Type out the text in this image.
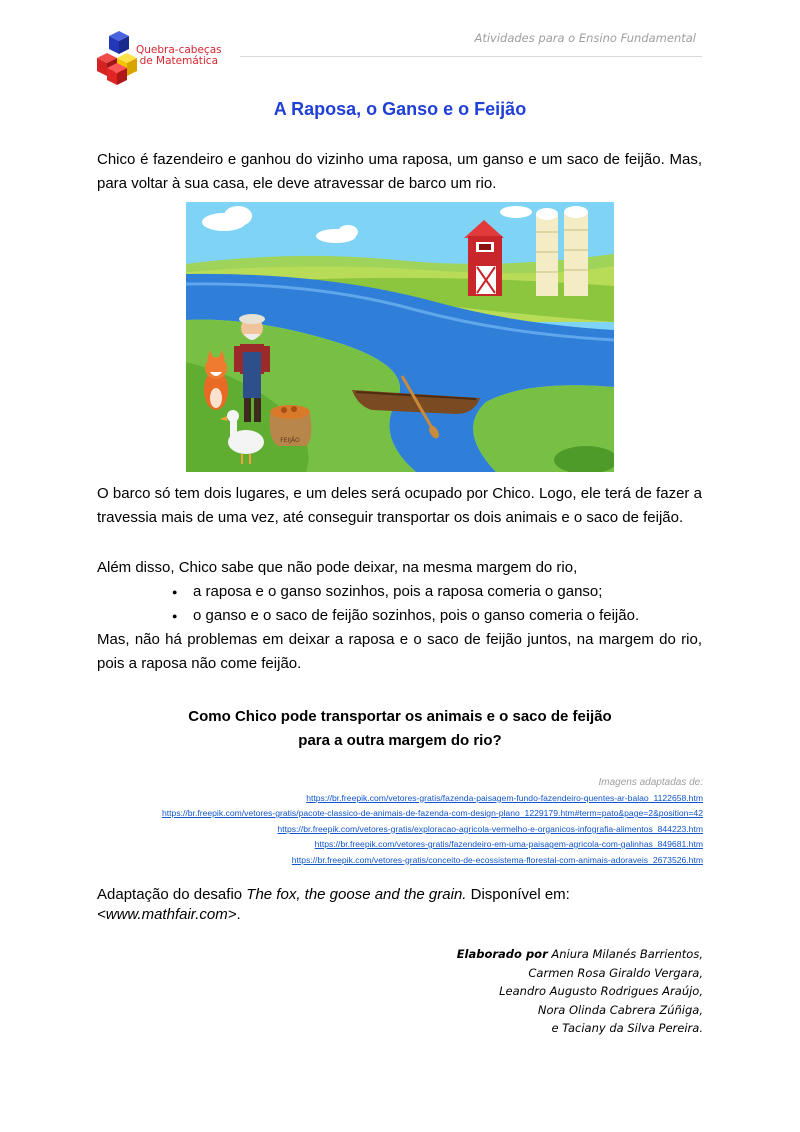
Quebra-cabeças
de Matemática
Atividades para o Ensino Fundamental
A Raposa, o Ganso e o Feijão
Chico é fazendeiro e ganhou do vizinho uma raposa, um ganso e um saco de feijão. Mas, para voltar à sua casa, ele deve atravessar de barco um rio.
FEIJÃO
O barco só tem dois lugares, e um deles será ocupado por Chico. Logo, ele terá de fazer a travessia mais de uma vez, até conseguir transportar os dois animais e o saco de feijão.
Além disso, Chico sabe que não pode deixar, na mesma margem do rio,
● a raposa e o ganso sozinhos, pois a raposa comeria o ganso;
● o ganso e o saco de feijão sozinhos, pois o ganso comeria o feijão.
Mas, não há problemas em deixar a raposa e o saco de feijão juntos, na margem do rio, pois a raposa não come feijão.
Como Chico pode transportar os animais e o saco de feijão
para a outra margem do rio?
Imagens adaptadas de:
https://br.freepik.com/vetores-gratis/fazenda-paisagem-fundo-fazendeiro-quentes-ar-balao_1122658.htm
https://br.freepik.com/vetores-gratis/pacote-classico-de-animais-de-fazenda-com-design-plano_1229179.htm#term=pato&page=2&position=42
https://br.freepik.com/vetores-gratis/exploracao-agricola-vermelho-e-organicos-infografia-alimentos_844223.htm
https://br.freepik.com/vetores-gratis/fazendeiro-em-uma-paisagem-agricola-com-galinhas_849681.htm
https://br.freepik.com/vetores-gratis/conceito-de-ecossistema-florestal-com-animais-adoraveis_2673526.htm
Adaptação do desafio The fox, the goose and the grain. Disponível em:
<www.mathfair.com>.
Elaborado por Aniura Milanés Barrientos,
Carmen Rosa Giraldo Vergara,
Leandro Augusto Rodrigues Araújo,
Nora Olinda Cabrera Zúñiga,
e Taciany da Silva Pereira.
